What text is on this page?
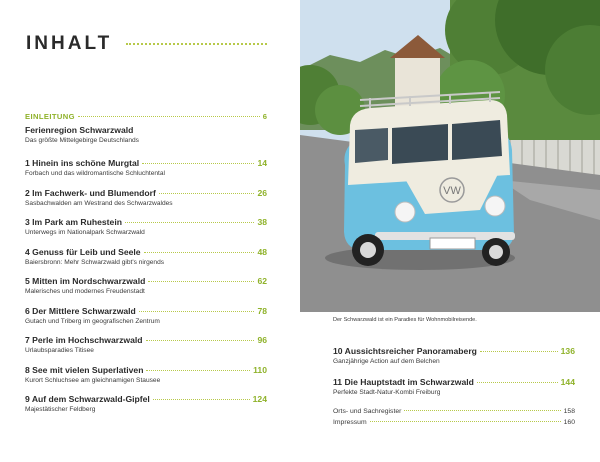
INHALT
EINLEITUNG	6
Ferienregion Schwarzwald
Das größte Mittelgebirge Deutschlands
1 Hinein ins schöne Murgtal	14
Forbach und das wildromantische Schluchtental
2 Im Fachwerk- und Blumendorf	26
Sasbachwalden am Westrand des Schwarzwaldes
3 Im Park am Ruhestein	38
Unterwegs im Nationalpark Schwarzwald
4 Genuss für Leib und Seele	48
Baiersbronn: Mehr Schwarzwald gibt's nirgends
5 Mitten im Nordschwarzwald	62
Malerisches und modernes Freudenstadt
6 Der Mittlere Schwarzwald	78
Gutach und Triberg im geografischen Zentrum
7 Perle im Hochschwarzwald	96
Urlaubsparadies Titisee
8 See mit vielen Superlativen	110
Kurort Schluchsee am gleichnamigen Stausee
9 Auf dem Schwarzwald-Gipfel	124
Majestätischer Feldberg
VW
Der Schwarzwald ist ein Paradies für Wohnmobilreisende.
10 Aussichtsreicher Panoramaberg	136
Ganzjährige Action auf dem Belchen
11 Die Hauptstadt im Schwarzwald	144
Perfekte Stadt-Natur-Kombi Freiburg
Orts- und Sachregister	158
Impressum	160
